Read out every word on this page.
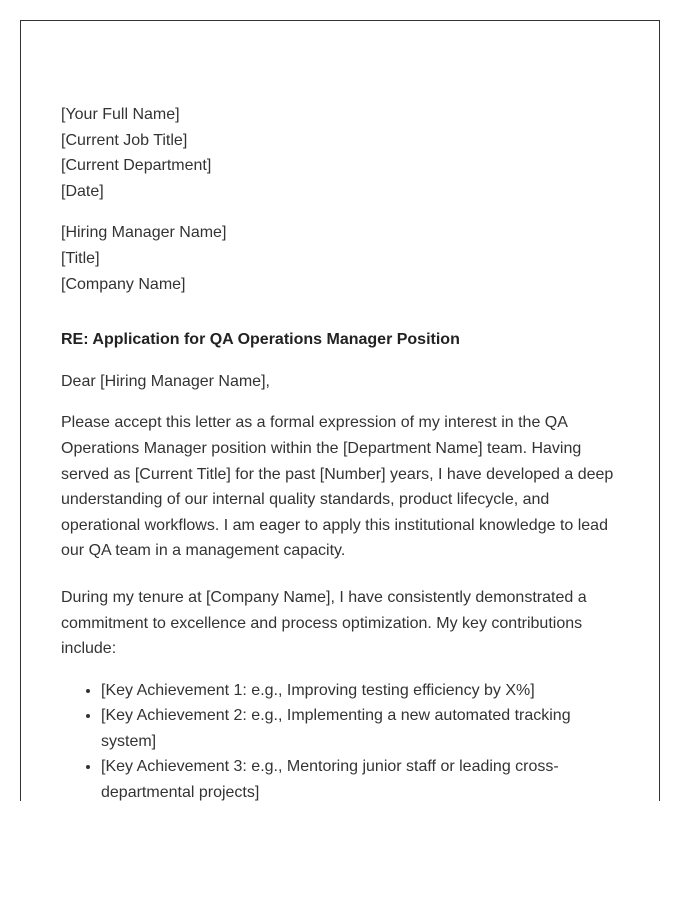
[Your Full Name]
[Current Job Title]
[Current Department]
[Date]
[Hiring Manager Name]
[Title]
[Company Name]
RE: Application for QA Operations Manager Position

Dear [Hiring Manager Name],

Please accept this letter as a formal expression of my interest in the QA Operations Manager position within the [Department Name] team. Having served as [Current Title] for the past [Number] years, I have developed a deep understanding of our internal quality standards, product lifecycle, and operational workflows. I am eager to apply this institutional knowledge to lead our QA team in a management capacity.

During my tenure at [Company Name], I have consistently demonstrated a commitment to excellence and process optimization. My key contributions include:

• [Key Achievement 1: e.g., Improving testing efficiency by X%]
• [Key Achievement 2: e.g., Implementing a new automated tracking system]
• [Key Achievement 3: e.g., Mentoring junior staff or leading cross-departmental projects]
